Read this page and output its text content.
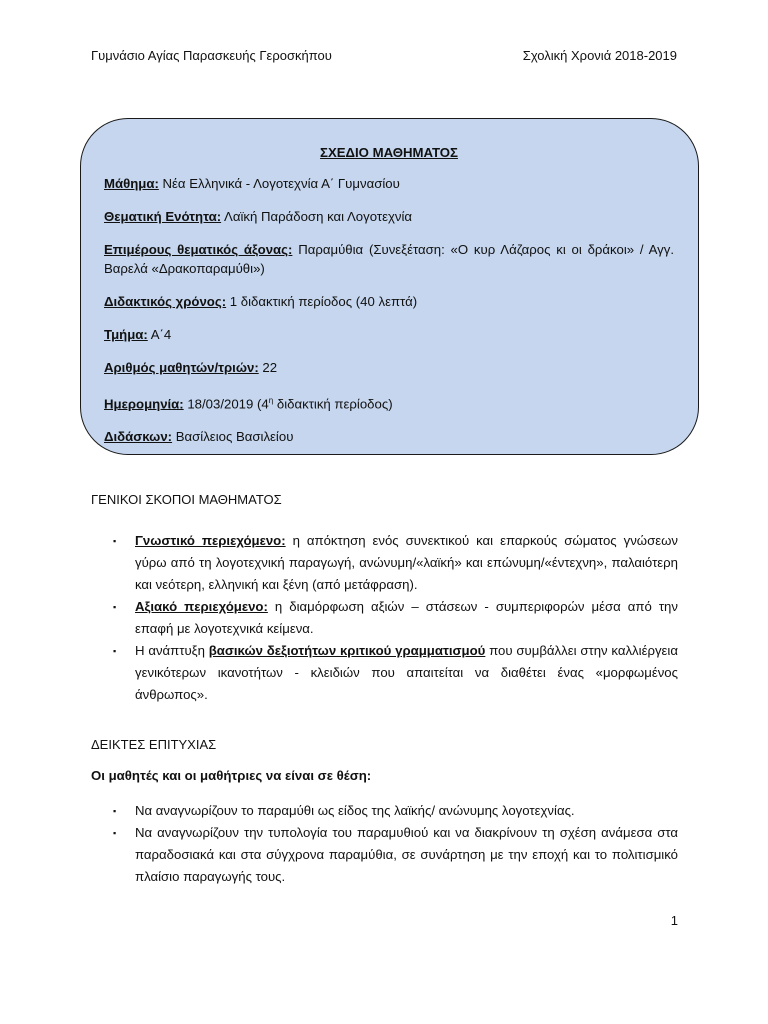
Γυμνάσιο Αγίας Παρασκευής Γεροσκήπου	Σχολική Χρονιά 2018-2019
ΣΧΕΔΙΟ ΜΑΘΗΜΑΤΟΣ
Μάθημα: Νέα Ελληνικά - Λογοτεχνία Α΄ Γυμνασίου
Θεματική Ενότητα: Λαϊκή Παράδοση και Λογοτεχνία
Επιμέρους θεματικός άξονας: Παραμύθια (Συνεξέταση: «Ο κυρ Λάζαρος κι οι δράκοι» / Αγγ. Βαρελά «Δρακοπαραμύθι»)
Διδακτικός χρόνος: 1 διδακτική περίοδος (40 λεπτά)
Τμήμα: Α΄4
Αριθμός μαθητών/τριών: 22
Ημερομηνία: 18/03/2019 ($4^\eta$ διδακτική περίοδος)
Διδάσκων: Βασίλειος Βασιλείου
ΓΕΝΙΚΟΙ ΣΚΟΠΟΙ ΜΑΘΗΜΑΤΟΣ
▪ Γνωστικό περιεχόμενο: η απόκτηση ενός συνεκτικού και επαρκούς σώματος γνώσεων γύρω από τη λογοτεχνική παραγωγή, ανώνυμη/«λαϊκή» και επώνυμη/«έντεχνη», παλαιότερη και νεότερη, ελληνική και ξένη (από μετάφραση).
▪ Αξιακό περιεχόμενο: η διαμόρφωση αξιών – στάσεων - συμπεριφορών μέσα από την επαφή με λογοτεχνικά κείμενα.
▪ Η ανάπτυξη βασικών δεξιοτήτων κριτικού γραμματισμού που συμβάλλει στην καλλιέργεια γενικότερων ικανοτήτων - κλειδιών που απαιτείται να διαθέτει ένας «μορφωμένος άνθρωπος».
ΔΕΙΚΤΕΣ ΕΠΙΤΥΧΙΑΣ
Οι μαθητές και οι μαθήτριες να είναι σε θέση:
▪ Να αναγνωρίζουν το παραμύθι ως είδος της λαϊκής/ ανώνυμης λογοτεχνίας.
▪ Να αναγνωρίζουν την τυπολογία του παραμυθιού και να διακρίνουν τη σχέση ανάμεσα στα παραδοσιακά και στα σύγχρονα παραμύθια, σε συνάρτηση με την εποχή και το πολιτισμικό πλαίσιο παραγωγής τους.
1
